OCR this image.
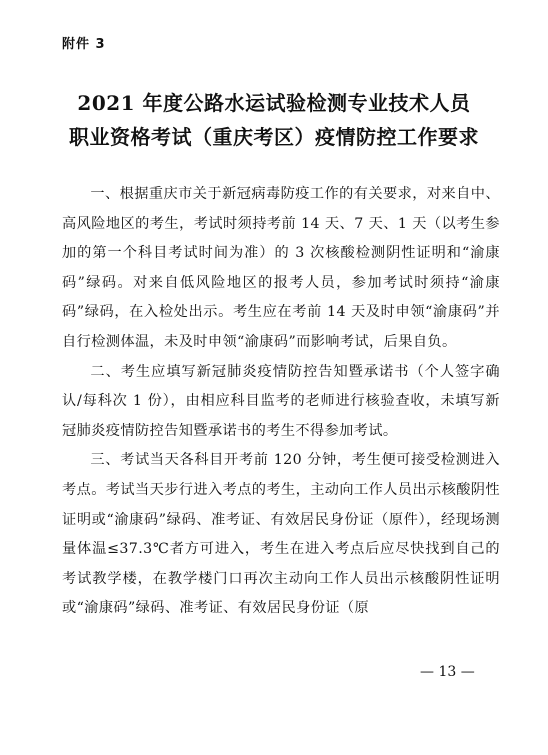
附件 3
2021 年度公路水运试验检测专业技术人员
职业资格考试（重庆考区）疫情防控工作要求

一、根据重庆市关于新冠病毒防疫工作的有关要求，对来自中、高风险地区的考生，考试时须持考前 14 天、7 天、1 天（以考生参加的第一个科目考试时间为准）的 3 次核酸检测阴性证明和“渝康码”绿码。对来自低风险地区的报考人员，参加考试时须持“渝康码”绿码，在入检处出示。考生应在考前 14 天及时申领“渝康码”并自行检测体温，未及时申领“渝康码”而影响考试，后果自负。

二、考生应填写新冠肺炎疫情防控告知暨承诺书（个人签字确认/每科次 1 份），由相应科目监考的老师进行核验查收，未填写新冠肺炎疫情防控告知暨承诺书的考生不得参加考试。

三、考试当天各科目开考前 120 分钟，考生便可接受检测进入考点。考试当天步行进入考点的考生，主动向工作人员出示核酸阴性证明或“渝康码”绿码、准考证、有效居民身份证（原件），经现场测量体温≤37.3℃者方可进入，考生在进入考点后应尽快找到自己的考试教学楼，在教学楼门口再次主动向工作人员出示核酸阴性证明或“渝康码”绿码、准考证、有效居民身份证（原

— 13 —
